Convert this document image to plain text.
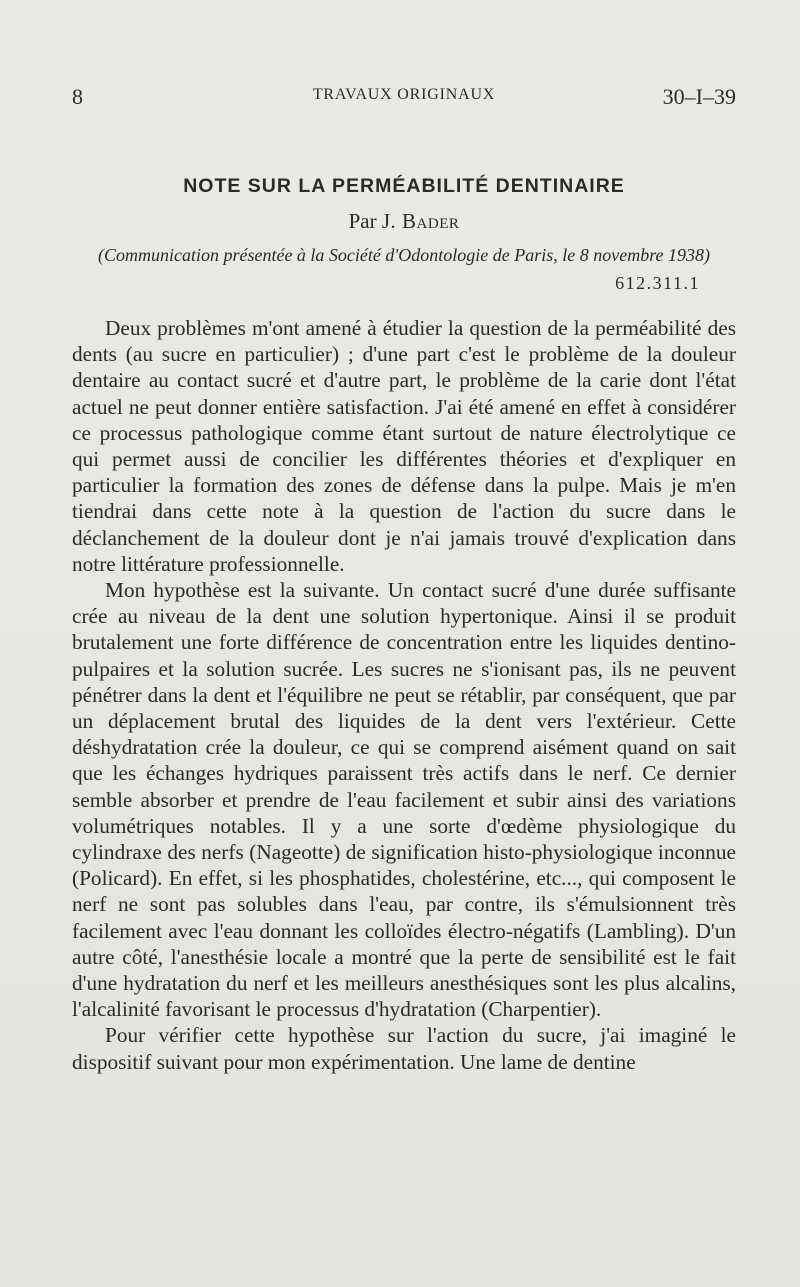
8	TRAVAUX ORIGINAUX	30–I–39
NOTE SUR LA PERMÉABILITÉ DENTINAIRE
Par J. Bader
(Communication présentée à la Société d'Odontologie de Paris, le 8 novembre 1938)
612.311.1

Deux problèmes m'ont amené à étudier la question de la perméabilité des dents (au sucre en particulier) ; d'une part c'est le problème de la douleur dentaire au contact sucré et d'autre part, le problème de la carie dont l'état actuel ne peut donner entière satisfaction. J'ai été amené en effet à considérer ce processus pathologique comme étant surtout de nature électrolytique ce qui permet aussi de concilier les différentes théories et d'expliquer en particulier la formation des zones de défense dans la pulpe. Mais je m'en tiendrai dans cette note à la question de l'action du sucre dans le déclanchement de la douleur dont je n'ai jamais trouvé d'explication dans notre littérature professionnelle.

Mon hypothèse est la suivante. Un contact sucré d'une durée suffisante crée au niveau de la dent une solution hypertonique. Ainsi il se produit brutalement une forte différence de concentration entre les liquides dentino-pulpaires et la solution sucrée. Les sucres ne s'ionisant pas, ils ne peuvent pénétrer dans la dent et l'équilibre ne peut se rétablir, par conséquent, que par un déplacement brutal des liquides de la dent vers l'extérieur. Cette déshydratation crée la douleur, ce qui se comprend aisément quand on sait que les échanges hydriques paraissent très actifs dans le nerf. Ce dernier semble absorber et prendre de l'eau facilement et subir ainsi des variations volumétriques notables. Il y a une sorte d'œdème physiologique du cylindraxe des nerfs (Nageotte) de signification histo-physiologique inconnue (Policard). En effet, si les phosphatides, cholestérine, etc..., qui composent le nerf ne sont pas solubles dans l'eau, par contre, ils s'émulsionnent très facilement avec l'eau donnant les colloïdes électro-négatifs (Lambling). D'un autre côté, l'anesthésie locale a montré que la perte de sensibilité est le fait d'une hydratation du nerf et les meilleurs anesthésiques sont les plus alcalins, l'alcalinité favorisant le processus d'hydratation (Charpentier).

Pour vérifier cette hypothèse sur l'action du sucre, j'ai imaginé le dispositif suivant pour mon expérimentation. Une lame de dentine
